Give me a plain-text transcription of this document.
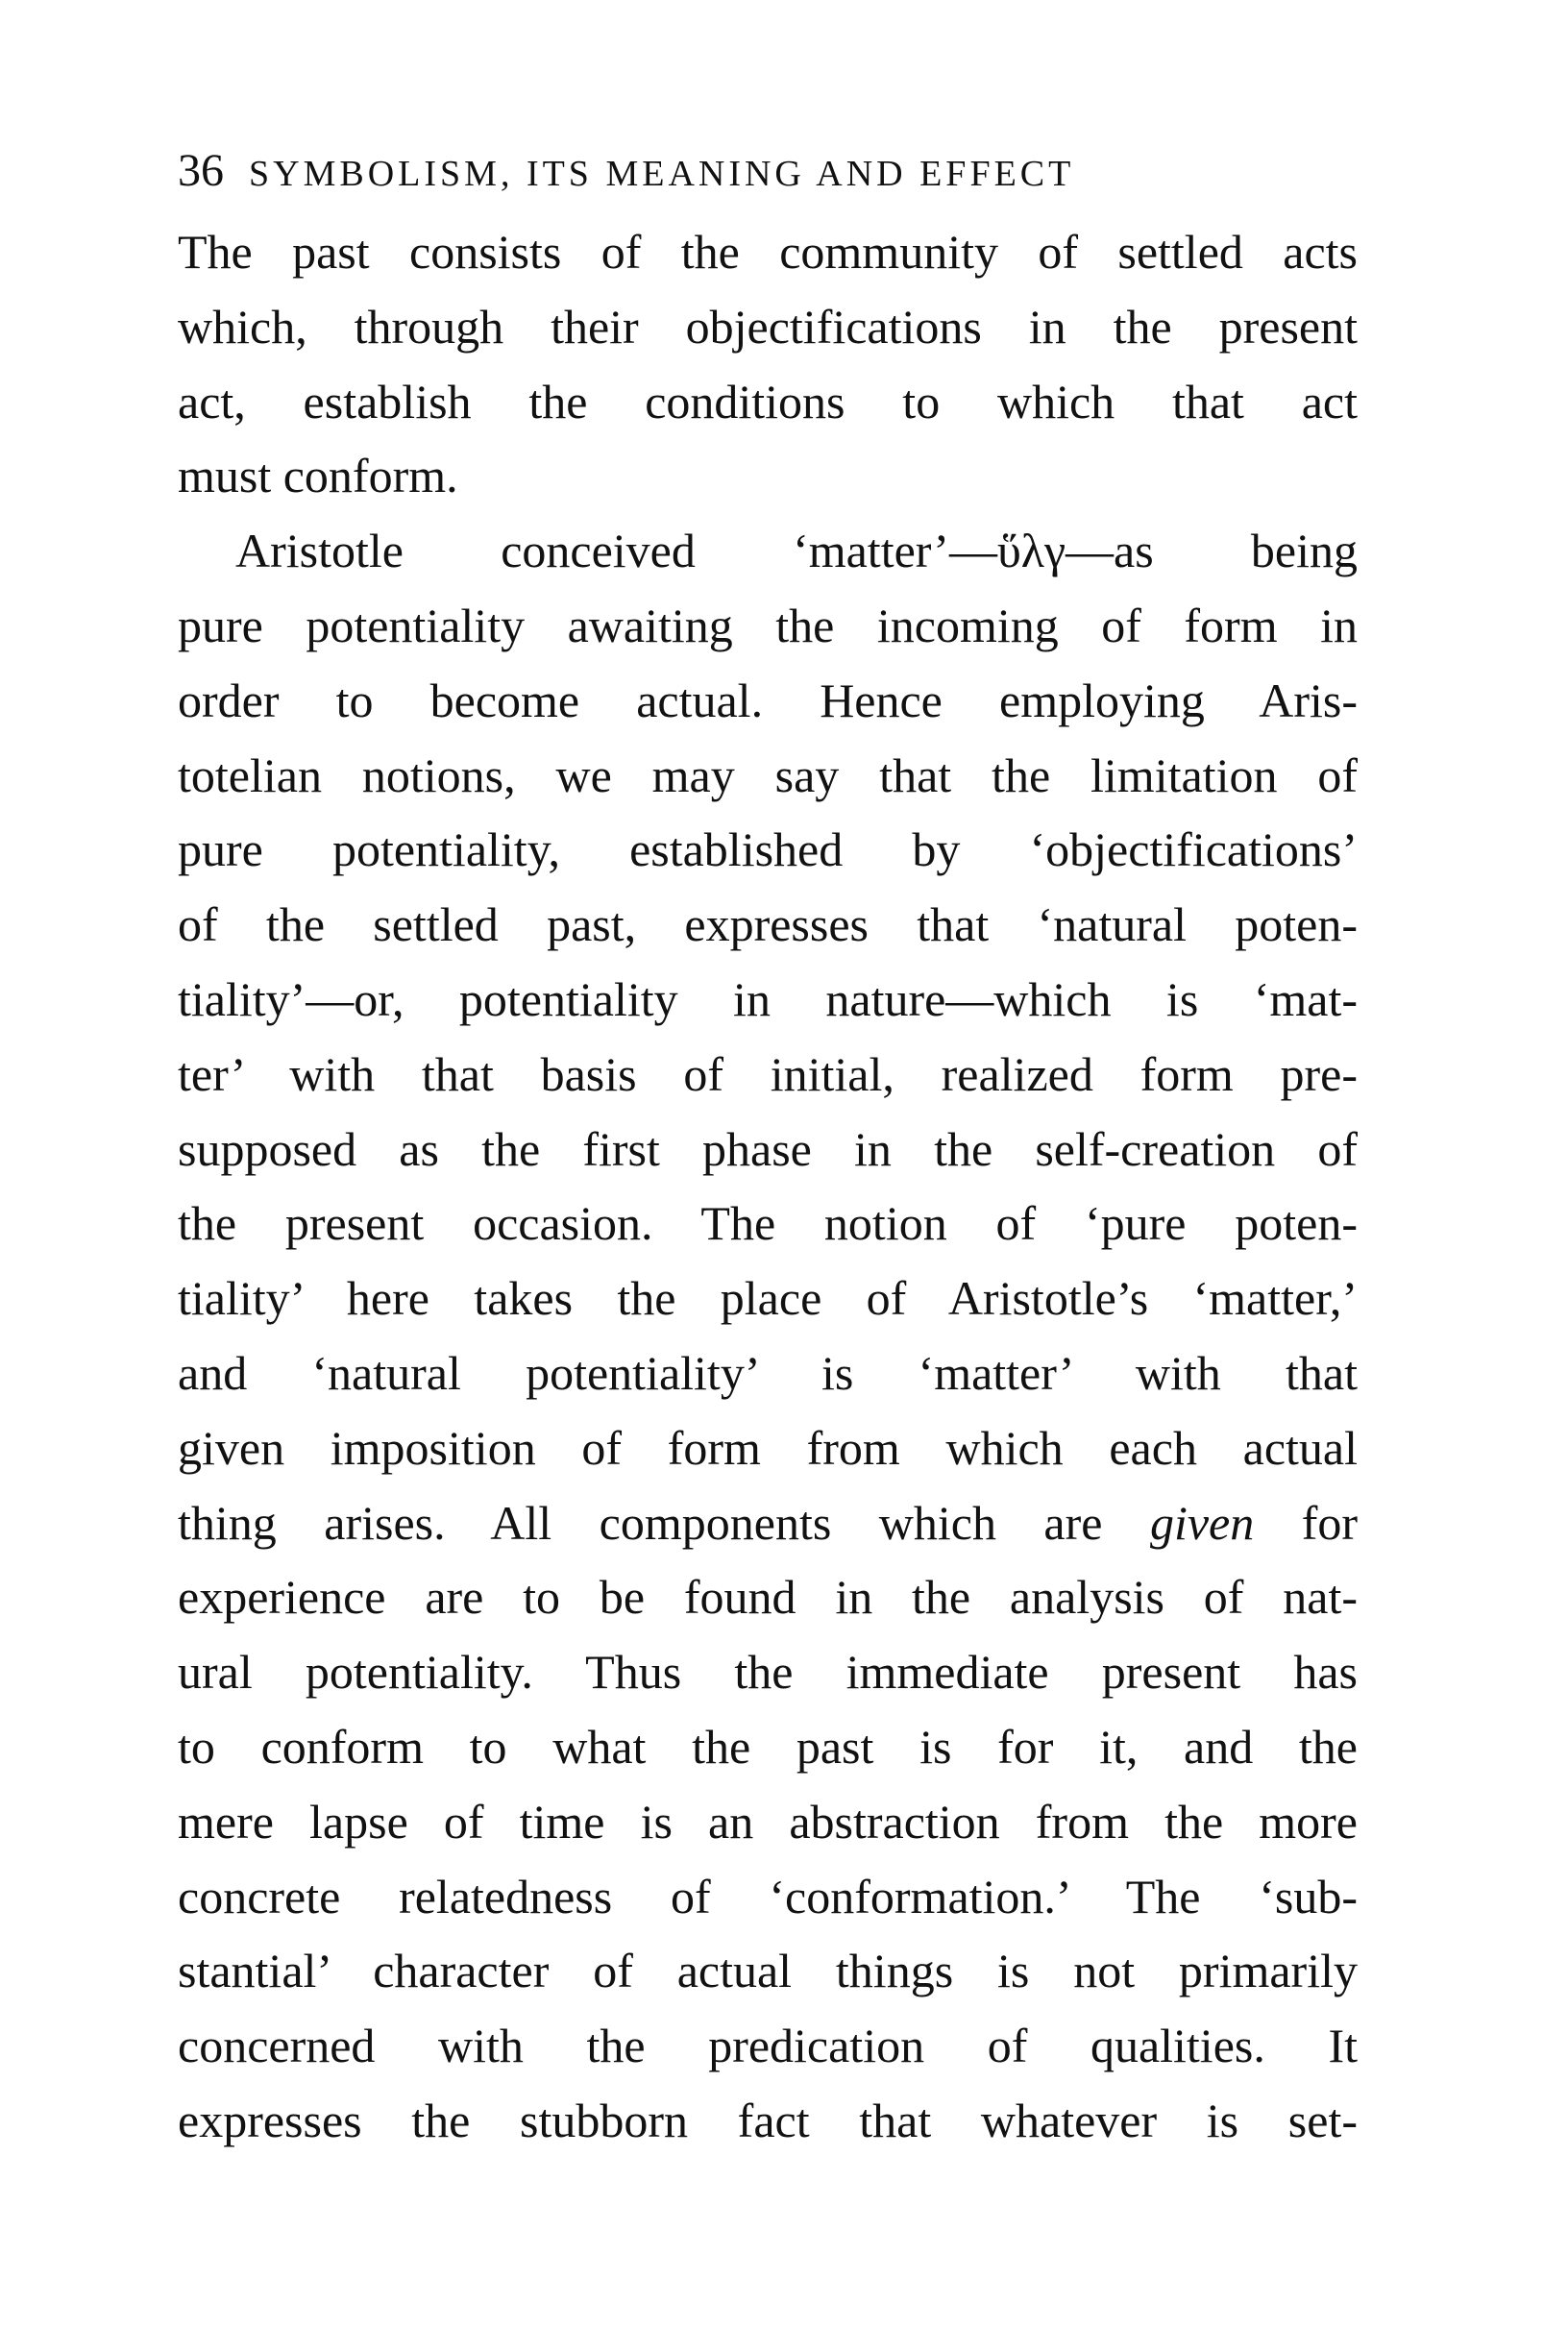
36 SYMBOLISM, ITS MEANING AND EFFECT
The past consists of the community of settled acts
which, through their objectifications in the present
act, establish the conditions to which that act
must conform.
Aristotle conceived ‘matter’—ὕλγ—as being
pure potentiality awaiting the incoming of form in
order to become actual. Hence employing Aris-
totelian notions, we may say that the limitation of
pure potentiality, established by ‘objectifications’
of the settled past, expresses that ‘natural poten-
tiality’—or, potentiality in nature—which is ‘mat-
ter’ with that basis of initial, realized form pre-
supposed as the first phase in the self-creation of
the present occasion. The notion of ‘pure poten-
tiality’ here takes the place of Aristotle’s ‘matter,’
and ‘natural potentiality’ is ‘matter’ with that
given imposition of form from which each actual
thing arises. All components which are given for
experience are to be found in the analysis of nat-
ural potentiality. Thus the immediate present has
to conform to what the past is for it, and the
mere lapse of time is an abstraction from the more
concrete relatedness of ‘conformation.’ The ‘sub-
stantial’ character of actual things is not primarily
concerned with the predication of qualities. It
expresses the stubborn fact that whatever is set-
